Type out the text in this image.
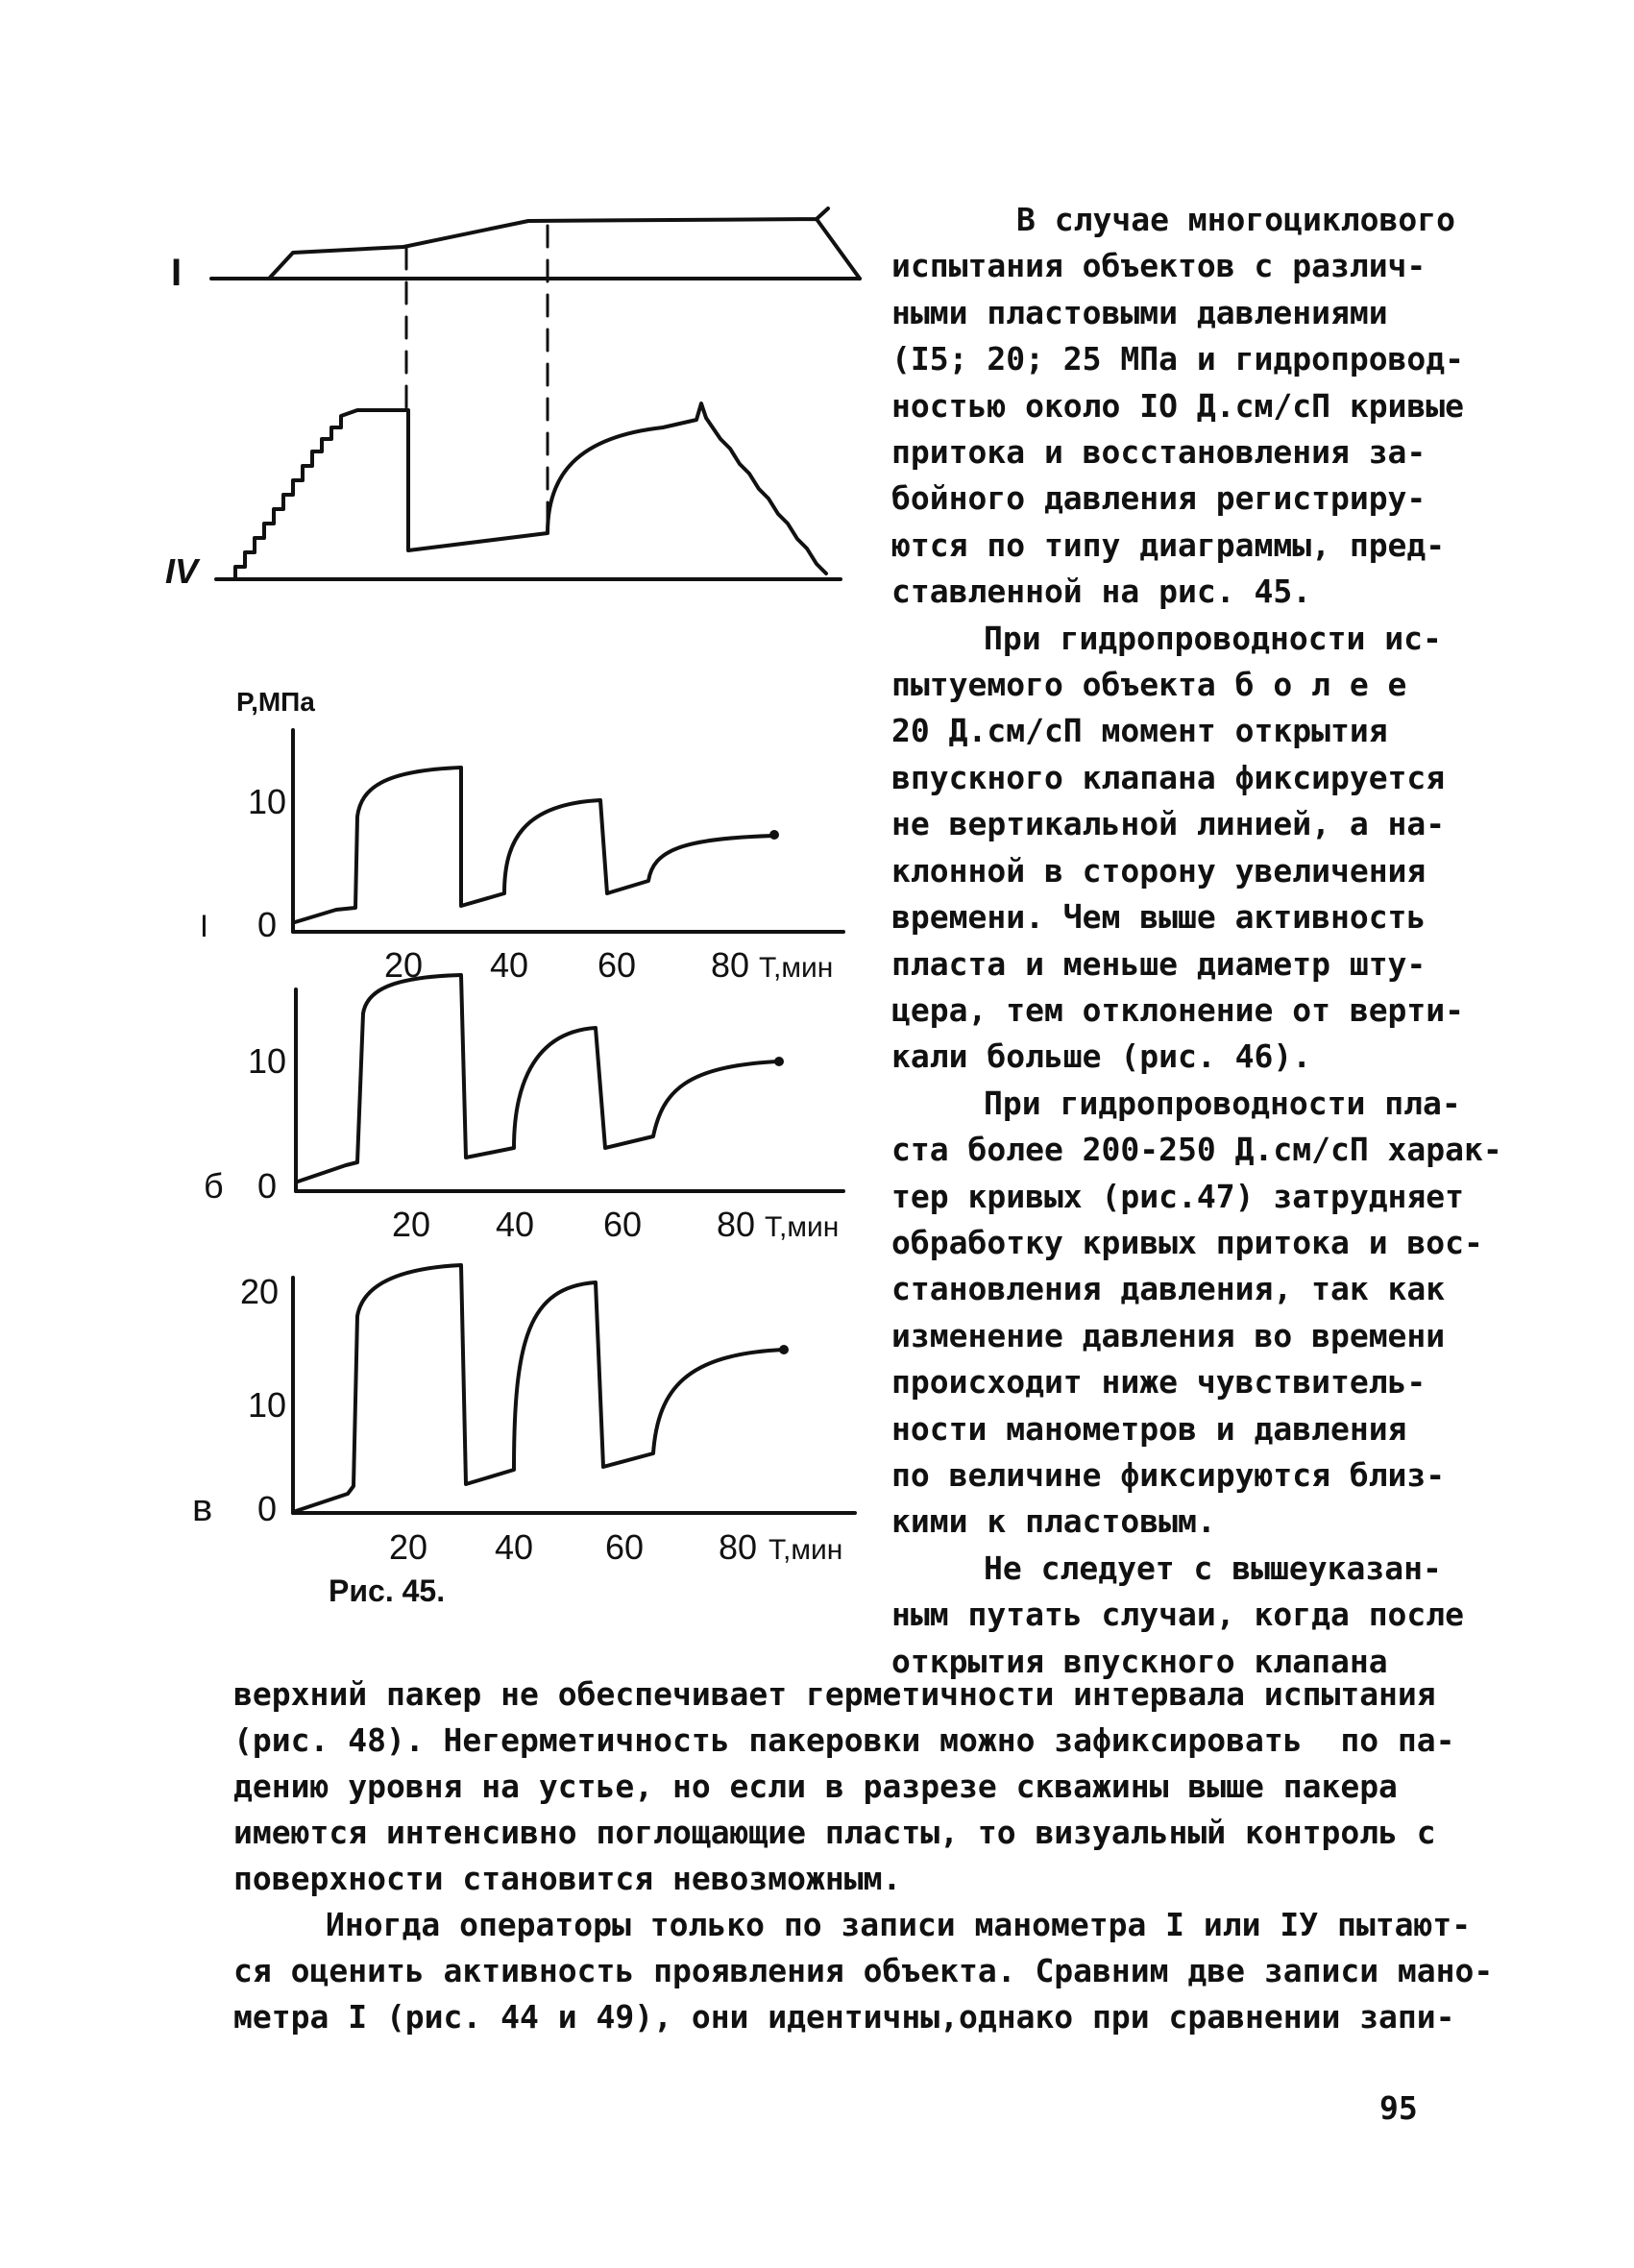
I
IV
P,MПa
10
0
I
20 40 60 80 T,мин
10
0
б
20 40 60 80 T,мин
20
10
0
в
20 40 60 80 T,мин
Рис. 45.
В случае многоциклового
испытания объектов с различ-
ными пластовыми давлениями
(I5; 20; 25 МПа и гидропровод-
ностью около IO Д.см/сП кривые
притока и восстановления за-
бойного давления регистриру-
ются по типу диаграммы, пред-
ставленной на рис. 45.
При гидропроводности ис-
пытуемого объекта б о л е е
20 Д.см/сП момент открытия
впускного клапана фиксируется
не вертикальной линией, а на-
клонной в сторону увеличения
времени. Чем выше активность
пласта и меньше диаметр шту-
цера, тем отклонение от верти-
кали больше (рис. 46).
При гидропроводности пла-
ста более 200-250 Д.см/сП харак-
тер кривых (рис.47) затрудняет
обработку кривых притока и вос-
становления давления, так как
изменение давления во времени
происходит ниже чувствитель-
ности манометров и давления
по величине фиксируются близ-
кими к пластовым.
Не следует с вышеуказан-
ным путать случаи, когда после
открытия впускного клапана
верхний пакер не обеспечивает герметичности интервала испытания
(рис. 48). Негерметичность пакеровки можно зафиксировать  по па-
дению уровня на устье, но если в разрезе скважины выше пакера
имеются интенсивно поглощающие пласты, то визуальный контроль с
поверхности становится невозможным.
Иногда операторы только по записи манометра I или IУ пытают-
ся оценить активность проявления объекта. Сравним две записи мано-
метра I (рис. 44 и 49), они идентичны,однако при сравнении запи-
95
